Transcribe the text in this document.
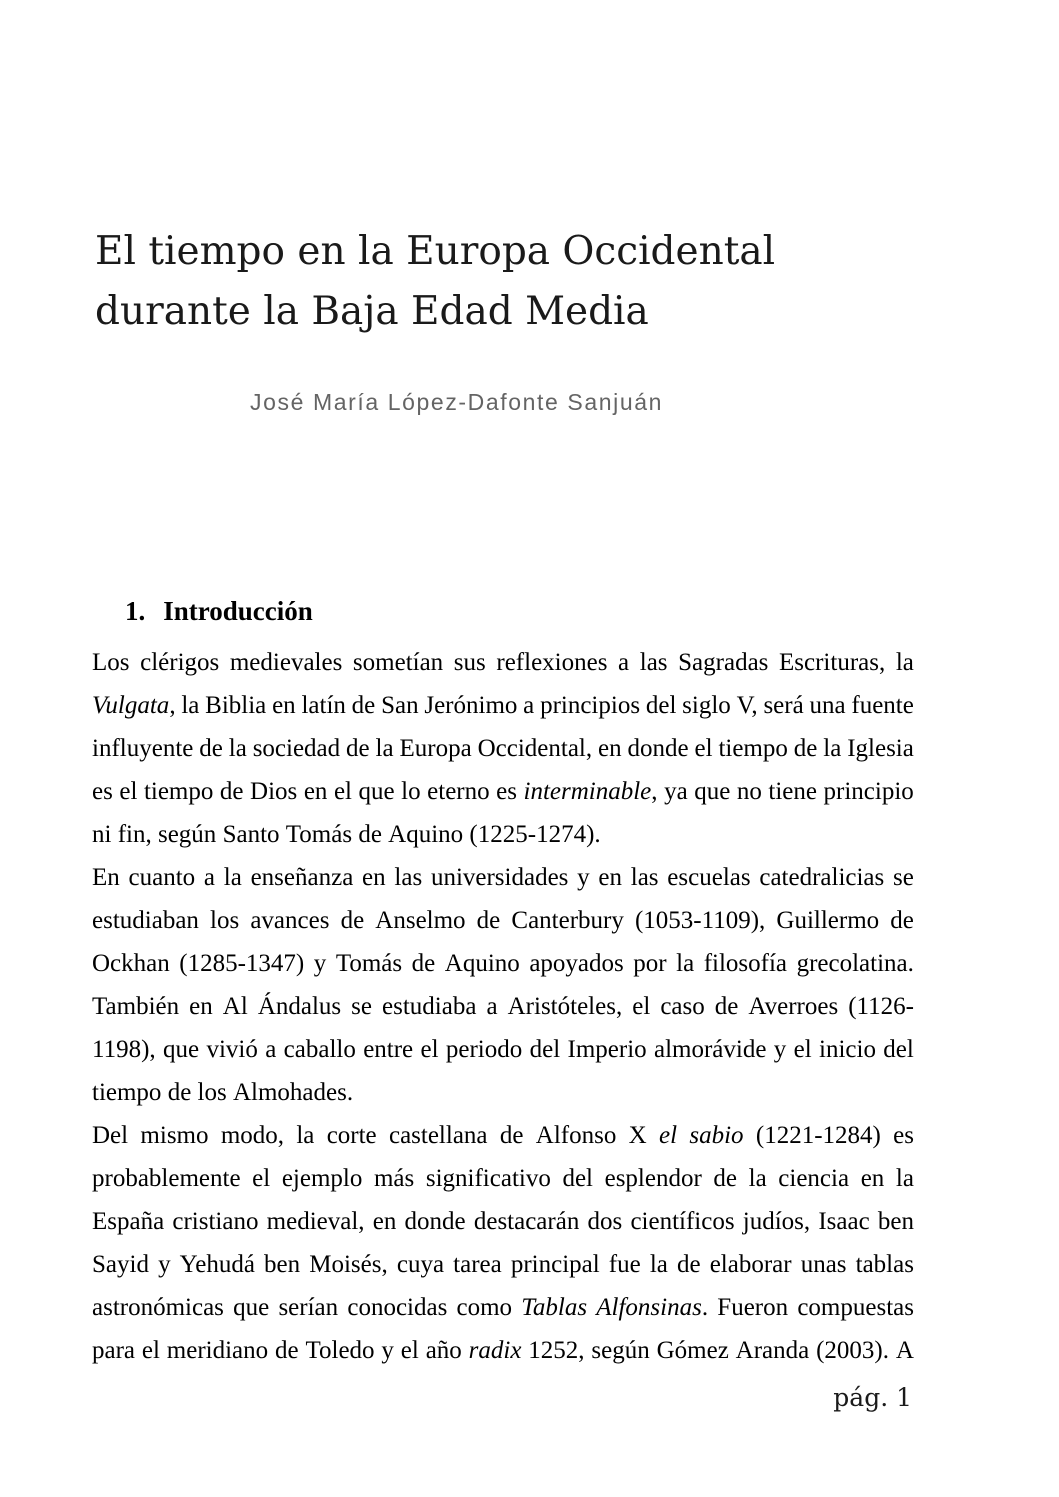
El tiempo en la Europa Occidental
durante la Baja Edad Media
José María López-Dafonte Sanjuán
1. Introducción
Los clérigos medievales sometían sus reflexiones a las Sagradas Escrituras, la
Vulgata, la Biblia en latín de San Jerónimo a principios del siglo V, será una fuente
influyente de la sociedad de la Europa Occidental, en donde el tiempo de la Iglesia
es el tiempo de Dios en el que lo eterno es interminable, ya que no tiene principio
ni fin, según Santo Tomás de Aquino (1225-1274).
En cuanto a la enseñanza en las universidades y en las escuelas catedralicias se
estudiaban los avances de Anselmo de Canterbury (1053-1109), Guillermo de
Ockhan (1285-1347) y Tomás de Aquino apoyados por la filosofía grecolatina.
También en Al Ándalus se estudiaba a Aristóteles, el caso de Averroes (1126-
1198), que vivió a caballo entre el periodo del Imperio almorávide y el inicio del
tiempo de los Almohades.
Del mismo modo, la corte castellana de Alfonso X el sabio (1221-1284) es
probablemente el ejemplo más significativo del esplendor de la ciencia en la
España cristiano medieval, en donde destacarán dos científicos judíos, Isaac ben
Sayid y Yehudá ben Moisés, cuya tarea principal fue la de elaborar unas tablas
astronómicas que serían conocidas como Tablas Alfonsinas. Fueron compuestas
para el meridiano de Toledo y el año radix 1252, según Gómez Aranda (2003). A
pág. 1
